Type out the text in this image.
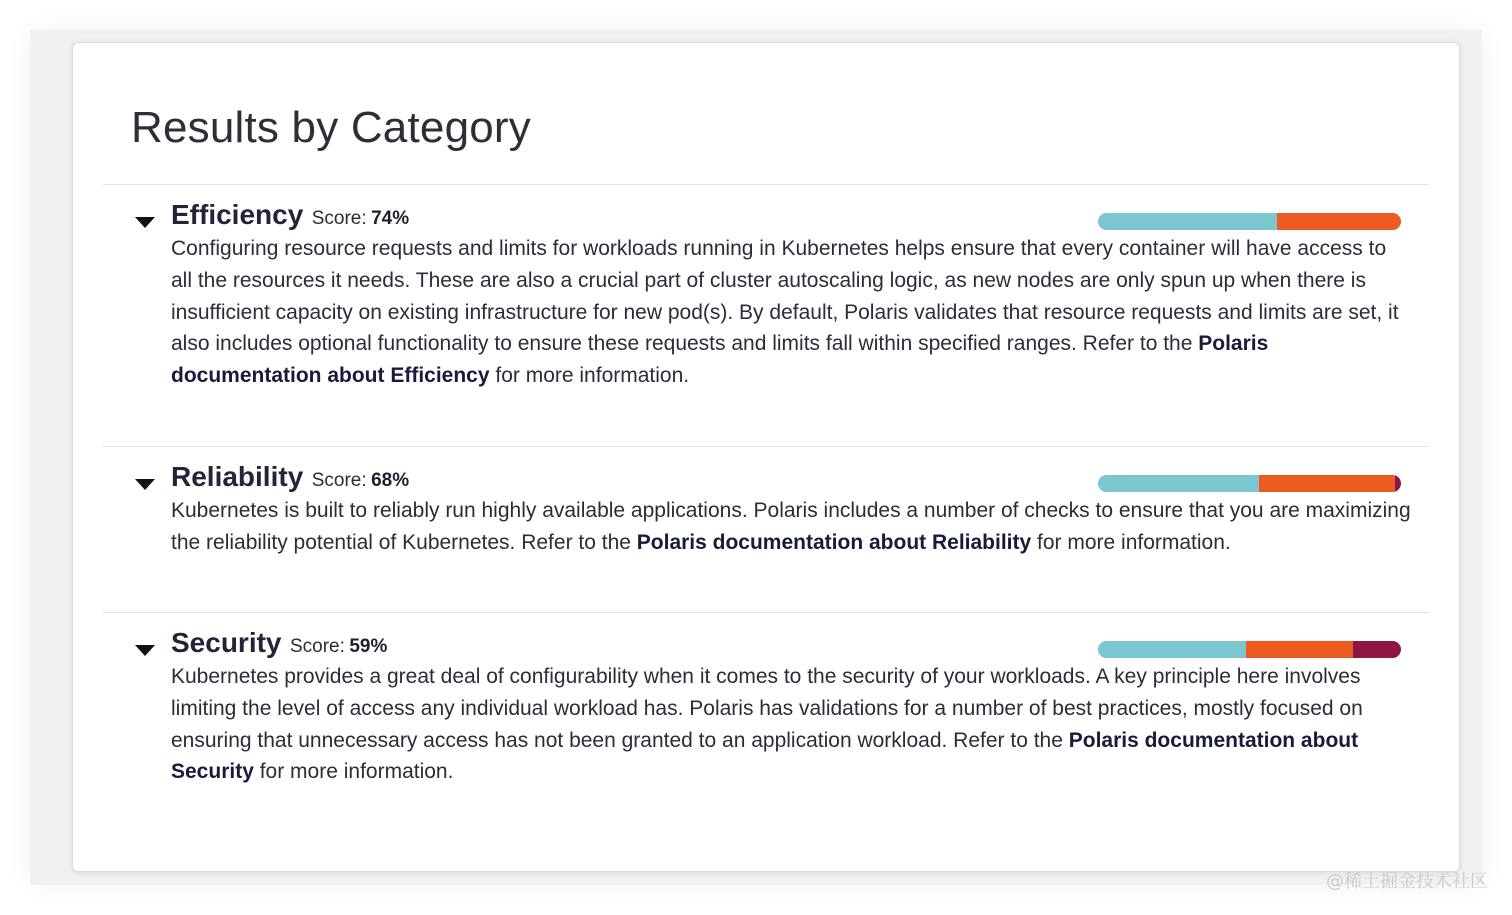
Results by Category
Efficiency Score: 74%

Configuring resource requests and limits for workloads running in Kubernetes helps ensure that every container will have access to all the resources it needs. These are also a crucial part of cluster autoscaling logic, as new nodes are only spun up when there is insufficient capacity on existing infrastructure for new pod(s). By default, Polaris validates that resource requests and limits are set, it also includes optional functionality to ensure these requests and limits fall within specified ranges. Refer to the Polaris documentation about Efficiency for more information.

Reliability Score: 68%

Kubernetes is built to reliably run highly available applications. Polaris includes a number of checks to ensure that you are maximizing the reliability potential of Kubernetes. Refer to the Polaris documentation about Reliability for more information.

Security Score: 59%

Kubernetes provides a great deal of configurability when it comes to the security of your workloads. A key principle here involves limiting the level of access any individual workload has. Polaris has validations for a number of best practices, mostly focused on ensuring that unnecessary access has not been granted to an application workload. Refer to the Polaris documentation about Security for more information.

@稀土掘金技术社区
